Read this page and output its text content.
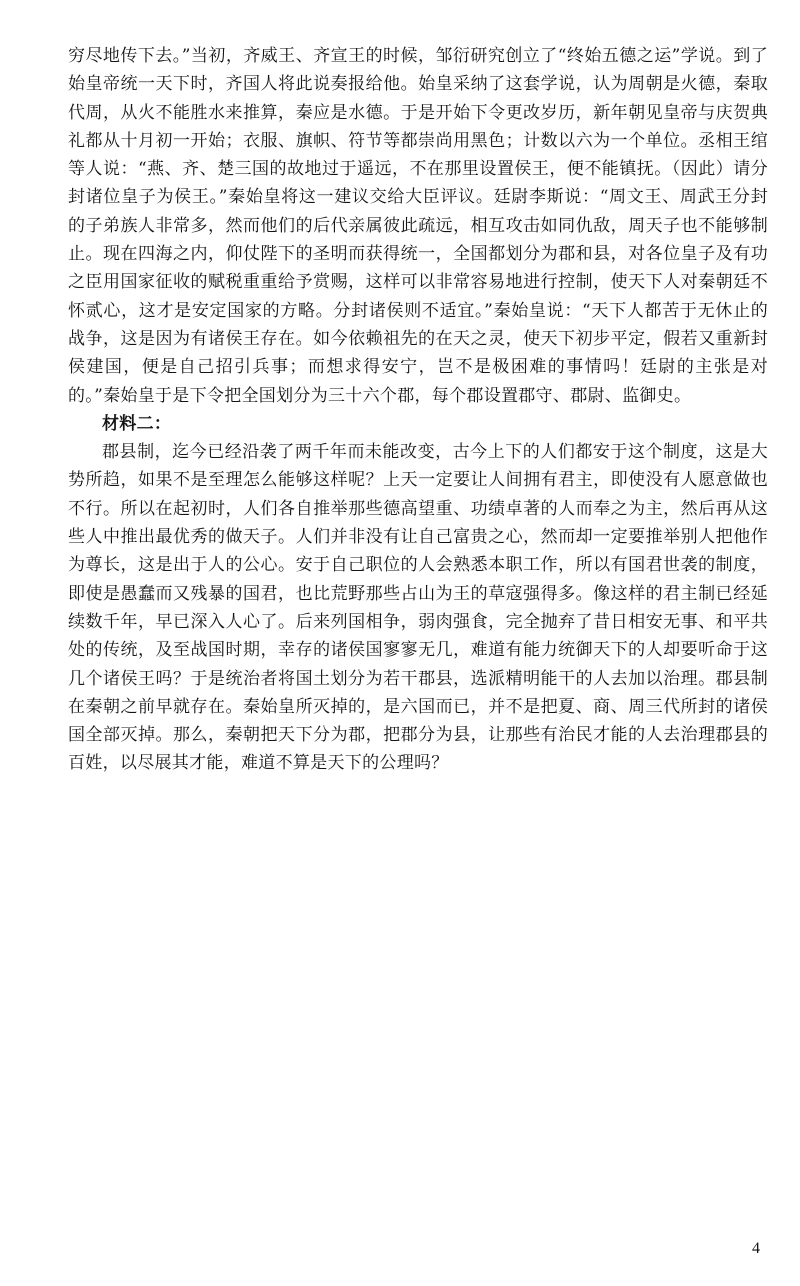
穷尽地传下去。”当初，齐威王、齐宣王的时候，邹衍研究创立了“终始五德之运”学说。到了始皇帝统一天下时，齐国人将此说奏报给他。始皇采纳了这套学说，认为周朝是火德，秦取代周，从火不能胜水来推算，秦应是水德。于是开始下令更改岁历，新年朝见皇帝与庆贺典礼都从十月初一开始；衣服、旗帜、符节等都崇尚用黑色；计数以六为一个单位。丞相王绾等人说：“燕、齐、楚三国的故地过于遥远，不在那里设置侯王，便不能镇抚。（因此）请分封诸位皇子为侯王。”秦始皇将这一建议交给大臣评议。廷尉李斯说：“周文王、周武王分封的子弟族人非常多，然而他们的后代亲属彼此疏远，相互攻击如同仇敌，周天子也不能够制止。现在四海之内，仰仗陛下的圣明而获得统一，全国都划分为郡和县，对各位皇子及有功之臣用国家征收的赋税重重给予赏赐，这样可以非常容易地进行控制，使天下人对秦朝廷不怀贰心，这才是安定国家的方略。分封诸侯则不适宜。”秦始皇说：“天下人都苦于无休止的战争，这是因为有诸侯王存在。如今依赖祖先的在天之灵，使天下初步平定，假若又重新封侯建国，便是自己招引兵事；而想求得安宁，岂不是极困难的事情吗！廷尉的主张是对的。”秦始皇于是下令把全国划分为三十六个郡，每个郡设置郡守、郡尉、监御史。

材料二：

郡县制，迄今已经沿袭了两千年而未能改变，古今上下的人们都安于这个制度，这是大势所趋，如果不是至理怎么能够这样呢？上天一定要让人间拥有君主，即使没有人愿意做也不行。所以在起初时，人们各自推举那些德高望重、功绩卓著的人而奉之为主，然后再从这些人中推出最优秀的做天子。人们并非没有让自己富贵之心，然而却一定要推举别人把他作为尊长，这是出于人的公心。安于自己职位的人会熟悉本职工作，所以有国君世袭的制度，即使是愚蠢而又残暴的国君，也比荒野那些占山为王的草寇强得多。像这样的君主制已经延续数千年，早已深入人心了。后来列国相争，弱肉强食，完全抛弃了昔日相安无事、和平共处的传统，及至战国时期，幸存的诸侯国寥寥无几，难道有能力统御天下的人却要听命于这几个诸侯王吗？于是统治者将国土划分为若干郡县，选派精明能干的人去加以治理。郡县制在秦朝之前早就存在。秦始皇所灭掉的，是六国而已，并不是把夏、商、周三代所封的诸侯国全部灭掉。那么，秦朝把天下分为郡，把郡分为县，让那些有治民才能的人去治理郡县的百姓，以尽展其才能，难道不算是天下的公理吗？

4
